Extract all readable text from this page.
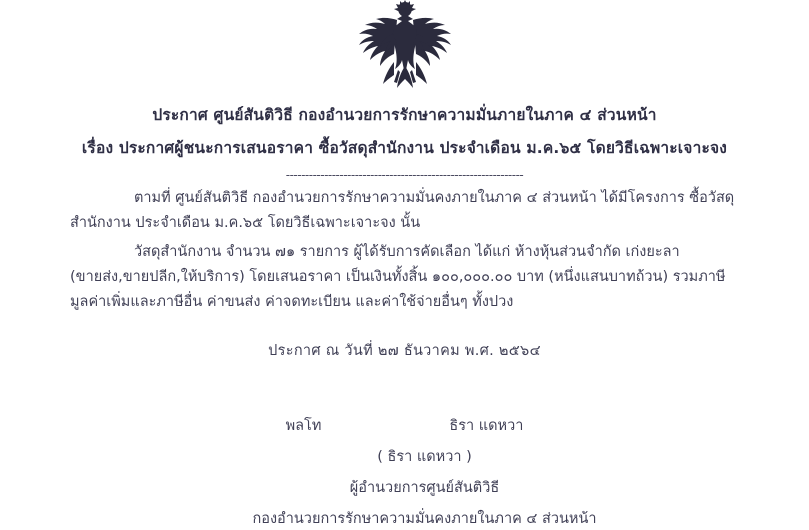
ประกาศ ศูนย์สันติวิธี กองอำนวยการรักษาความมั่นภายในภาค ๔ ส่วนหน้า
เรื่อง ประกาศผู้ชนะการเสนอราคา ซื้อวัสดุสำนักงาน ประจำเดือน ม.ค.๖๕ โดยวิธีเฉพาะเจาะจง
--------------------------------------------------------------
ตามที่ ศูนย์สันติวิธี กองอำนวยการรักษาความมั่นคงภายในภาค ๔ ส่วนหน้า ได้มีโครงการ ซื้อวัสดุสำนักงาน ประจำเดือน ม.ค.๖๕ โดยวิธีเฉพาะเจาะจง นั้น
วัสดุสำนักงาน จำนวน ๗๑ รายการ ผู้ได้รับการคัดเลือก ได้แก่ ห้างหุ้นส่วนจำกัด เก่งยะลา (ขายส่ง,ขายปลีก,ให้บริการ) โดยเสนอราคา เป็นเงินทั้งสิ้น ๑๐๐,๐๐๐.๐๐ บาท (หนึ่งแสนบาทถ้วน) รวมภาษีมูลค่าเพิ่มและภาษีอื่น ค่าขนส่ง ค่าจดทะเบียน และค่าใช้จ่ายอื่นๆ ทั้งปวง
ประกาศ ณ วันที่ ๒๗ ธันวาคม พ.ศ. ๒๕๖๔
พลโท	ธิรา แดหวา
( ธิรา แดหวา )
ผู้อำนวยการศูนย์สันติวิธี
กองอำนวยการรักษาความมั่นคงภายในภาค ๔ ส่วนหน้า
